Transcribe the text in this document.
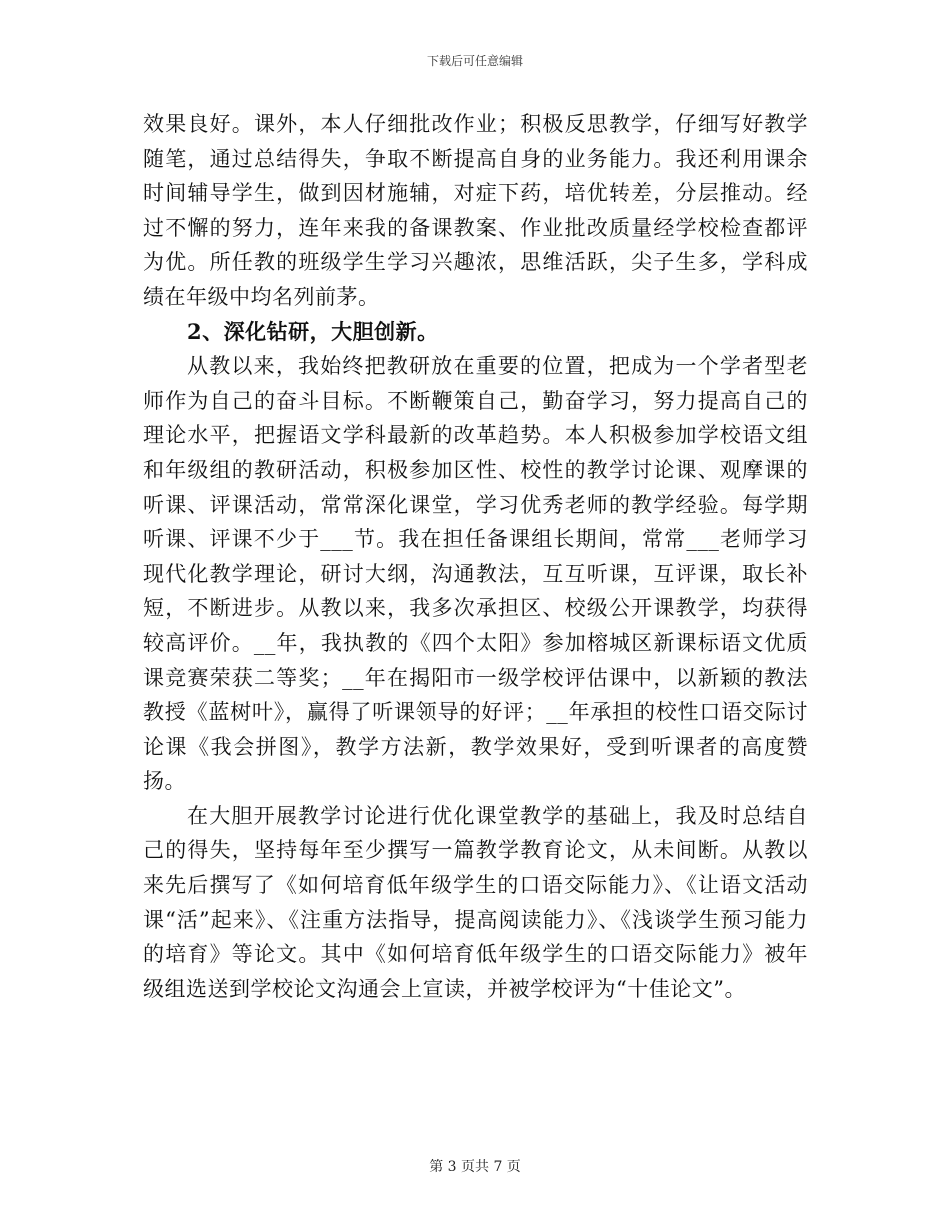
下载后可任意编辑

效果良好。课外，本人仔细批改作业；积极反思教学，仔细写好教学随笔，通过总结得失，争取不断提高自身的业务能力。我还利用课余时间辅导学生，做到因材施辅，对症下药，培优转差，分层推动。经过不懈的努力，连年来我的备课教案、作业批改质量经学校检查都评为优。所任教的班级学生学习兴趣浓，思维活跃，尖子生多，学科成绩在年级中均名列前茅。

2、深化钻研，大胆创新。

从教以来，我始终把教研放在重要的位置，把成为一个学者型老师作为自己的奋斗目标。不断鞭策自己，勤奋学习，努力提高自己的理论水平，把握语文学科最新的改革趋势。本人积极参加学校语文组和年级组的教研活动，积极参加区性、校性的教学讨论课、观摩课的听课、评课活动，常常深化课堂，学习优秀老师的教学经验。每学期听课、评课不少于___节。我在担任备课组长期间，常常___老师学习现代化教学理论，研讨大纲，沟通教法，互互听课，互评课，取长补短，不断进步。从教以来，我多次承担区、校级公开课教学，均获得较高评价。__年，我执教的《四个太阳》参加榕城区新课标语文优质课竞赛荣获二等奖；__年在揭阳市一级学校评估课中，以新颖的教法教授《蓝树叶》，赢得了听课领导的好评；__年承担的校性口语交际讨论课《我会拼图》，教学方法新，教学效果好，受到听课者的高度赞扬。

在大胆开展教学讨论进行优化课堂教学的基础上，我及时总结自己的得失，坚持每年至少撰写一篇教学教育论文，从未间断。从教以来先后撰写了《如何培育低年级学生的口语交际能力》、《让语文活动课“活”起来》、《注重方法指导，提高阅读能力》、《浅谈学生预习能力的培育》等论文。其中《如何培育低年级学生的口语交际能力》被年级组选送到学校论文沟通会上宣读，并被学校评为“十佳论文”。

第 3 页共 7 页
